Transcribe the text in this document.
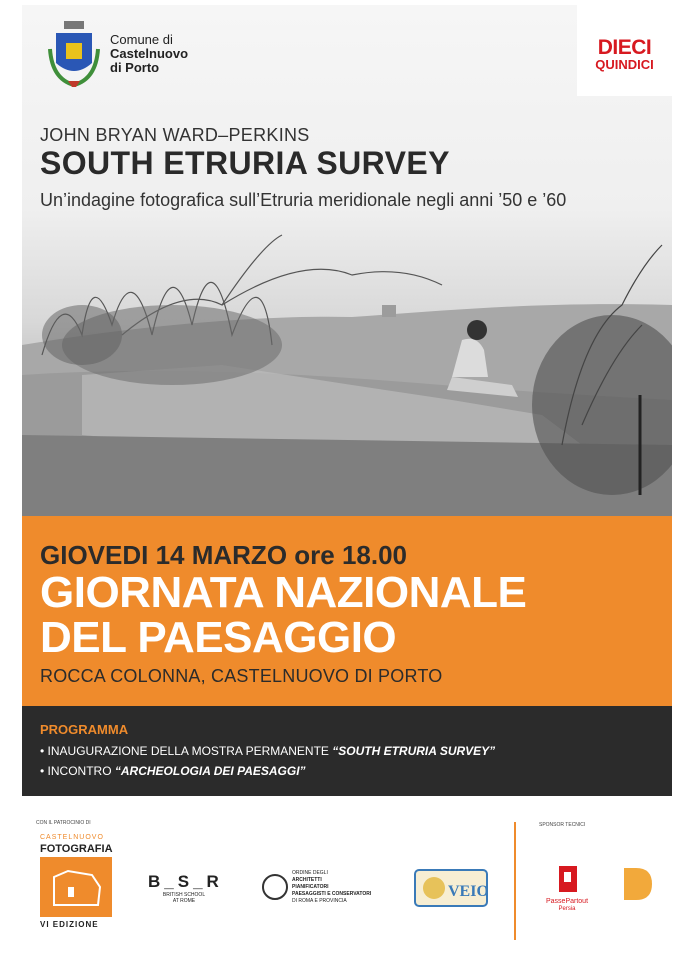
Comune di
Castelnuovo
di Porto
DIECI
QUINDICI
JOHN BRYAN WARD–PERKINS
SOUTH ETRURIA SURVEY
Un’indagine fotografica sull’Etruria meridionale negli anni ’50 e ’60
GIOVEDI 14 MARZO ore 18.00
GIORNATA NAZIONALE
DEL PAESAGGIO
ROCCA COLONNA, CASTELNUOVO DI PORTO
PROGRAMMA
• INAUGURAZIONE DELLA MOSTRA PERMANENTE “SOUTH ETRURIA SURVEY”
• INCONTRO “ARCHEOLOGIA DEI PAESAGGI”
CON IL PATROCINIO DI	SPONSOR TECNICI
CASTELNUOVO
FOTOGRAFIA
VI EDIZIONE
B_S_R
BRITISH SCHOOL
AT ROME
ORDINE DEGLI
ARCHITETTI
PIANIFICATORI
PAESAGGISTI E CONSERVATORI
DI ROMA E PROVINCIA
VEIO
PassePartout
Persia
